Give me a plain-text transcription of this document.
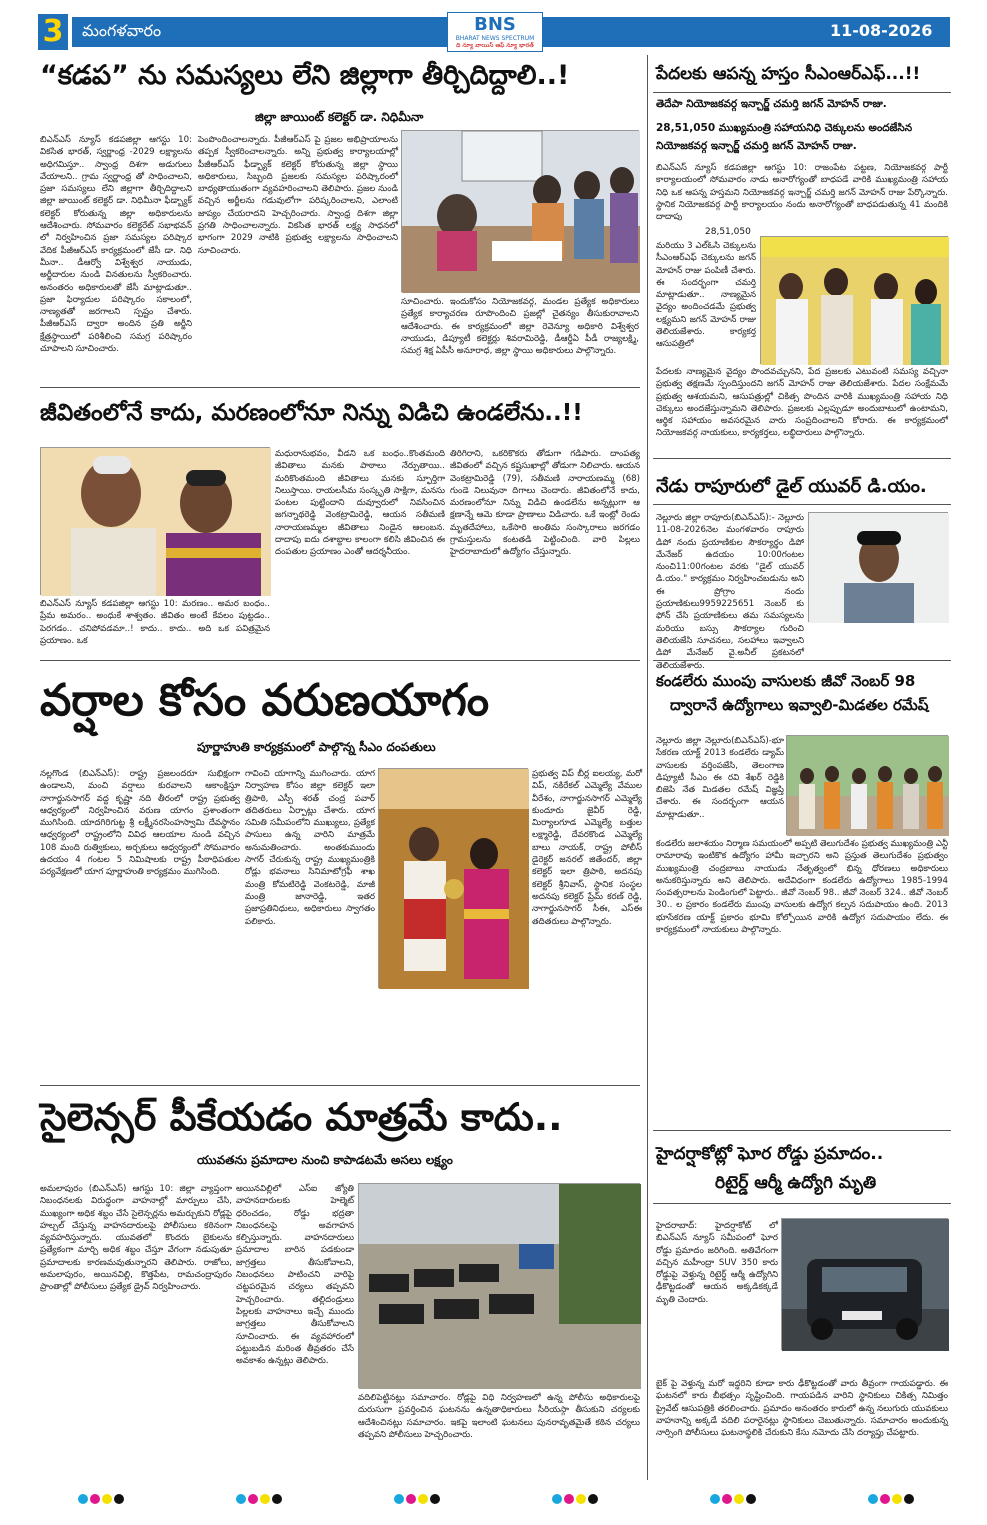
3 మంగళవారం	BNS
BHARAT NEWS SPECTRUM
ది న్యూ వాయిస్ ఆఫ్ న్యూ భారత్
11-08-2026
“కడప” ను సమస్యలు లేని జిల్లాగా తీర్చిదిద్దాలి..!
జిల్లా జాయింట్ కలెక్టర్ డా. నిధిమీనా
బిఎన్ఎస్ న్యూస్ కడపజిల్లా ఆగస్టు 10: వికసిత భారత్, స్వర్ణాంధ్ర -2029 లక్ష్యాలను అధిగమిస్తూ.. స్వాంధ్ర దిశగా అడుగులు వేయాలని.. గ్రామ స్వర్ణాంధ్ర తో సాధించాలని, ప్రజా సమస్యలు లేని జిల్లాగా తీర్చిదిద్దాలని జిల్లా జాయింట్ కలెక్టర్ డా. నిధిమీనా ఫీడ్బ్యాక్ కలెక్టర్ కోరుతున్న జిల్లా అధికారులను ఆదేశించారు. సోమవారం కలెక్టరేట్ సభాభవన్ లో నిర్వహించిన ప్రజా సమస్యల పరిష్కార వేదిక పీజీఆర్ఎస్ కార్యక్రమంలో జేసీ డా. నిధి మీనా.. డీఆర్వో విశ్వేశ్వర నాయుడు, అర్జీదారుల నుండి వినతులను స్వీకరించారు. అనంతరం అధికారులతో జేసీ మాట్లాడుతూ.. ప్రజా ఫిర్యాదుల పరిష్కారం సకాలంలో, నాణ్యతతో జరగాలని స్పష్టం చేశారు. పీజీఆర్ఎస్ ద్వారా అందిన ప్రతి అర్జీని క్షేత్రస్థాయిలో పరిశీలించి సమగ్ర పరిష్కారం చూపాలని సూచించారు.
పెంపొందించాలన్నారు. పీజీఆర్ఎస్ పై ప్రజల అభిప్రాయాలను తప్పక స్వీకరించాలన్నారు. అన్ని ప్రభుత్వ కార్యాలయాల్లో పీజీఆర్ఎస్ ఫీడ్బ్యాక్ కలెక్టర్ కోరుతున్న జిల్లా స్థాయి అధికారులు, సిబ్బంది ప్రజలకు సమస్యల పరిష్కారంలో బాధ్యతాయుతంగా వ్యవహరించాలని తెలిపారు. ప్రజల నుండి వచ్చిన అర్జీలను గడువులోగా పరిష్కరించాలని, ఎలాంటి జాప్యం చేయరాదని హెచ్చరించారు. స్వాంధ్ర దిశగా జిల్లా ప్రగతి సాధించాలన్నారు. వికసిత భారత్ లక్ష్య సాధనలో భాగంగా 2029 నాటికి ప్రభుత్వ లక్ష్యాలను సాధించాలని సూచించారు.
సూచించారు. ఇందుకోసం నియోజకవర్గ, మండల ప్రత్యేక అధికారులు ప్రత్యేక కార్యాచరణ రూపొందించి ప్రజల్లో చైతన్యం తీసుకురావాలని ఆదేశించారు. ఈ కార్యక్రమంలో జిల్లా రెవెన్యూ అధికారి విశ్వేశ్వర నాయుడు, డిప్యూటీ కలెక్టర్లు శివరామిరెడ్డి, డీఆర్డీఏ పీడీ రాజ్యలక్ష్మి, సమగ్ర శిక్ష ఏపీసీ అనూరాధ, జిల్లా స్థాయి అధికారులు పాల్గొన్నారు.
జీవితంలోనే కాదు, మరణంలోనూ నిన్ను విడిచి ఉండలేను..!!
బిఎన్ఎస్ న్యూస్ కడపజిల్లా ఆగస్టు 10: మరణం.. అమర బంధం.. ప్రేమ అమరం.. అంధుకే శాశ్వతం. జీవితం అంటే కేవలం పుట్టడం.. పెరగడం.. చనిపోవడమా..! కాదు.. కాదు.. అది ఒక పవిత్రమైన ప్రయాణం. ఒక
మధురానుభవం, వీడని ఒక బంధం..కొంతమంది జీవితాలు మనకు పాఠాలు నేర్పుతాయి.. మరికొంతమంది జీవితాలు మనకు స్ఫూర్తిగా నిలుస్తాయి. రాయలసీమ సంస్కృతి సాక్షిగా, మనసు పంటల పుట్టిందాని దువ్వూరులో నివసించిన జగన్నాథరెడ్డి వెంకట్రామిరెడ్డి, ఆయన సతీమణి నారాయణమ్మల జీవితాలు నిండైన ఆలంబన. దాదాపు ఐదు దశాబ్దాల కాలంగా కలిసి జీవించిన ఈ దంపతుల ప్రయాణం ఎంతో ఆదర్శనీయం.
తిరిగిరాని, ఒకరికొకరు తోడుగా గడిపారు. దాంపత్య జీవితంలో వచ్చిన కష్టసుఖాల్లో తోడుగా నిలిచారు. ఆయన వెంకట్రామిరెడ్డి (79), సతీమణి నారాయణమ్మ (68) గుండె నిలువునా దిగాలు చెందారు. జీవితంలోనే కాదు, మరణంలోనూ నిన్ను విడిచి ఉండలేను అన్నట్లుగా ఆ క్షణాన్నే ఆమె కూడా ప్రాణాలు విడిచారు. ఒకే ఇంట్లో రెండు మృతదేహాలు, ఒకేసారి అంతిమ సంస్కారాలు జరగడం గ్రామస్తులను కంటతడి పెట్టించింది. వారి పిల్లలు హైదరాబాదులో ఉద్యోగం చేస్తున్నారు.
వర్షాల కోసం వరుణయాగం
పూర్ణాహుతి కార్యక్రమంలో పాల్గొన్న సీఎం దంపతులు
నల్లగొండ (బిఎన్ఎస్): రాష్ట్ర ప్రజలందరూ సుభిక్షంగా ఉండాలని, మంచి వర్షాలు కురవాలని ఆకాంక్షిస్తూ నాగార్జునసాగర్ వద్ద కృష్ణా నది తీరంలో రాష్ట్ర ప్రభుత్వ ఆధ్వర్యంలో నిర్వహించిన వరుణ యాగం ప్రశాంతంగా ముగిసింది. యాదగిరిగుట్ట శ్రీ లక్ష్మీనరసింహస్వామి దేవస్థానం ఆధ్వర్యంలో రాష్ట్రంలోని వివిధ ఆలయాల నుండి వచ్చిన 108 మంది రుత్వికులు, అర్చకులు ఆధ్వర్యంలో సోమవారం ఉదయం 4 గంటల 5 నిమిషాలకు రాష్ట్ర పీఠాధిపతుల పర్యవేక్షణలో యాగ పూర్ణాహుతి కార్యక్రమం ముగిసింది.
గావించి యాగాన్ని ముగించారు. యాగ నిర్వాహణ కోసం జిల్లా కలెక్టర్ ఇలా త్రిపాఠి, ఎస్పీ శరత్ చంద్ర పవార్ తదితరులు ఏర్పాట్లు చేశారు. యాగ సమితి సమీపంలోని ముఖ్యులు, ప్రత్యేక పాసులు ఉన్న వారిని మాత్రమే అనుమతించారు. అంతకుముందు సాగర్ చేరుకున్న రాష్ట్ర ముఖ్యమంత్రికి రోడ్లు భవనాలు సినిమాటోగ్రఫీ శాఖ మంత్రి కోమటిరెడ్డి వెంకటరెడ్డి, మాజీ మంత్రి జానారెడ్డి, ఇతర ప్రజాప్రతినిధులు, అధికారులు స్వాగతం పలికారు.
ప్రభుత్వ విప్ బీర్ల ఐలయ్య, మరో విప్, నకిరేకల్ ఎమ్మెల్యే వేముల వీరేశం, నాగార్జునసాగర్ ఎమ్మెల్యే కుందూరు జైవీర్ రెడ్డి, మిర్యాలగూడ ఎమ్మెల్యే బత్తుల లక్ష్మారెడ్డి, దేవరకొండ ఎమ్మెల్యే బాలు నాయక్, రాష్ట్ర పోలీస్ డైరెక్టర్ జనరల్ జితేందర్, జిల్లా కలెక్టర్ ఇలా త్రిపాఠి, అదనపు కలెక్టర్ శ్రీనివాస్, స్థానిక సంస్థల అదనపు కలెక్టర్ ప్రేమ్ కరణ్ రెడ్డి, నాగార్జునసాగర్ సీఈ, ఎస్ఈ తదితరులు పాల్గొన్నారు.
సైలెన్సర్ పీకేయడం మాత్రమే కాదు..
యువతను ప్రమాదాల నుంచి కాపాడటమే అసలు లక్ష్యం
అమలాపురం (బిఎన్ఎస్) ఆగస్టు 10: జిల్లా వ్యాప్తంగా నిబంధనలకు విరుద్ధంగా వాహనాల్లో మార్పులు చేసి, ముఖ్యంగా అధిక శబ్దం చేసే సైలెన్సర్లను అమర్చుకుని రోడ్లపై హల్చల్ చేస్తున్న వాహనదారులపై పోలీసులు కఠినంగా వ్యవహరిస్తున్నారు. యువతలో కొందరు బైకులను ప్రత్యేకంగా మార్చి అధిక శబ్దం చేస్తూ వేగంగా నడుపుతూ ప్రమాదాలకు కారణమవుతున్నారని తెలిపారు. రాజోలు, అమలాపురం, అయినవిల్లి, కొత్తపేట, రామచంద్రాపురం ప్రాంతాల్లో పోలీసులు ప్రత్యేక డ్రైవ్ నిర్వహించారు.
అయినవిల్లిలో ఎస్ఐ జ్యోతి వాహనదారులకు హెల్మెట్ ధరించడం, రోడ్డు భద్రతా నిబంధనలపై అవగాహన కల్పిస్తున్నారు. వాహనదారులు ప్రమాదాల బారిన పడకుండా జాగ్రత్తలు తీసుకోవాలని, నిబంధనలు పాటించని వారిపై చట్టపరమైన చర్యలు తప్పవని హెచ్చరించారు. తల్లిదండ్రులు పిల్లలకు వాహనాలు ఇచ్చే ముందు జాగ్రత్తలు తీసుకోవాలని సూచించారు. ఈ వ్యవహారంలో పట్టుబడిన మరింత తీవ్రతరం చేసే అవకాశం ఉన్నట్లు తెలిపారు.
వదిలిపెట్టినట్లు సమాచారం. రోడ్లపై విధి నిర్వహణలో ఉన్న పోలీసు అధికారులపై దురుసుగా ప్రవర్తించిన ఘటనను ఉన్నతాధికారులు సీరియస్గా తీసుకుని చర్యలకు ఆదేశించినట్లు సమాచారం. ఇకపై ఇలాంటి ఘటనలు పునరావృతమైతే కఠిన చర్యలు తప్పవని పోలీసులు హెచ్చరించారు.
పేదలకు ఆపన్న హస్తం సీఎంఆర్ఎఫ్...!!
తెదేపా నియోజకవర్గ ఇన్చార్జ్ చమర్తి జగన్ మోహన్ రాజు.
28,51,050 ముఖ్యమంత్రి సహాయనిధి చెక్కులను అందజేసిన నియోజకవర్గ ఇన్చార్జ్ చమర్తి జగన్ మోహన్ రాజు.
బిఎన్ఎస్ న్యూస్ కడపజిల్లా ఆగస్టు 10: రాజంపేట పట్టణ, నియోజకవర్గ పార్టీ కార్యాలయంలో సోమవారం నాడు అనారోగ్యంతో బాధపడే వారికి ముఖ్యమంత్రి సహాయ నిధి ఒక ఆపన్న హస్తమని నియోజకవర్గ ఇన్చార్జ్ చమర్తి జగన్ మోహన్ రాజు పేర్కొన్నారు. స్థానిక నియోజకవర్గ పార్టీ కార్యాలయం నందు అనారోగ్యంతో బాధపడుతున్న 41 మందికి దాదాపు
28,51,050
మరియు 3 ఎల్ఓసి చెక్కులను సీఎంఆర్ఎఫ్ చెక్కులను జగన్ మోహన్ రాజు పంపిణీ చేశారు. ఈ సందర్భంగా చమర్తి మాట్లాడుతూ.. నాణ్యమైన వైద్యం అందించడమే ప్రభుత్వ లక్ష్యమని జగన్ మోహన్ రాజు తెలియజేశారు. కార్యకర్త ఆసుపత్రిలో
పేదలకు నాణ్యమైన వైద్యం పొందవచ్చునని, పేద ప్రజలకు ఎటువంటి సమస్య వచ్చినా ప్రభుత్వ తక్షణమే స్పందిస్తుందని జగన్ మోహన్ రాజు తెలియజేశారు. పేదల సంక్షేమమే ప్రభుత్వ ఆశయమని, ఆసుపత్రుల్లో చికిత్స పొందిన వారికి ముఖ్యమంత్రి సహాయ నిధి చెక్కులు అందజేస్తున్నామని తెలిపారు. ప్రజలకు ఎల్లప్పుడూ అందుబాటులో ఉంటామని, ఆర్థిక సహాయం అవసరమైన వారు సంప్రదించాలని కోరారు. ఈ కార్యక్రమంలో నియోజకవర్గ నాయకులు, కార్యకర్తలు, లబ్ధిదారులు పాల్గొన్నారు.
నేడు రాపూరులో డైల్ యువర్ డి.యం.
నెల్లూరు జిల్లా రాపూరు(బిఎన్ఎస్):- నెల్లూరు 11-08-2026నెల మంగళవారం రాపూరు డిపో నందు ప్రయాణికుల సౌకర్యార్థం డిపో మేనేజర్ ఉదయం 10:00గంటల నుంచి11:00గంటల వరకు "డైల్ యువర్ డి.యం." కార్యక్రమం నిర్వహించబడును అని ఈ ప్రోగ్రాం నందు ప్రయాణికులు9959225651 నెంబర్ కు ఫోన్ చేసి ప్రయాణికులు తమ సమస్యలను మరియు బస్సు సౌకర్యాల గురించి తెలియజేసి సూచనలు, సలహాలు ఇవ్వాలని డిపో మేనేజర్ వై.అనీల్ ప్రకటనలో తెలియజేశారు.
కండలేరు ముంపు వాసులకు జీవో నెంబర్ 98
ద్వారానే ఉద్యోగాలు ఇవ్వాలి-మిడతల రమేష్
నెల్లూరు జిల్లా నెల్లూరు(బిఎన్ఎస్)-భూ సేకరణ యాక్ట్ 2013 కండలేరు డ్యామ్ వాసులకు వర్తింపజేసి, తెలంగాణ డిప్యూటీ సీఎం ఈ రవి శేఖర్ రెడ్డికి బిజెపి నేత మిడతల రమేష్ విజ్ఞప్తి చేశారు. ఈ సందర్భంగా ఆయన మాట్లాడుతూ..
కండలేరు జలాశయం నిర్మాణ సమయంలో అప్పటి తెలుగుదేశం ప్రభుత్వ ముఖ్యమంత్రి ఎన్టీ రామారావు ఇంటికొక ఉద్యోగం హామీ ఇచ్చారని అని ప్రస్తుత తెలుగుదేశం ప్రభుత్వం ముఖ్యమంత్రి చంద్రబాబు నాయుడు నేతృత్వంలో భిన్న ధోరణలు అధికారులు అనుకరిస్తున్నారు అని తెలిపారు. అదేవిధంగా కండలేరు ఉద్యోగాలు 1985-1994 సంవత్సరాలను పెండింగులో పెట్టారు.. జీవో నెంబర్ 98.. జీవో నెంబర్ 324.. జీవో నెంబర్ 30.. ల ప్రకారం కండలేరు ముంపు వాసులకు ఉద్యోగ కల్పన సదుపాయం ఉంది. 2013 భూసేకరణ యాక్ట్ ప్రకారం భూమి కోల్పోయిన వారికి ఉద్యోగ సదుపాయం లేదు. ఈ కార్యక్రమంలో నాయకులు పాల్గొన్నారు.
హైదర్షాకోట్లో ఘోర రోడ్డు ప్రమాదం..
రిటైర్డ్ ఆర్మీ ఉద్యోగి మృతి
హైదరాబాద్: హైదర్షాకోట్ లో బిఎన్ఎస్ న్యూస్ సమీపంలో ఘోర రోడ్డు ప్రమాదం జరిగింది. అతివేగంగా వచ్చిన మహీంద్రా SUV 350 కారు రోడ్డుపై వెళ్తున్న రిటైర్డ్ ఆర్మీ ఉద్యోగిని ఢీకొట్టడంతో ఆయన అక్కడికక్కడే మృతి చెందారు.
బైక్ పై వెళ్తున్న మరో ఇద్దరిని కూడా కారు ఢీకొట్టడంతో వారు తీవ్రంగా గాయపడ్డారు. ఈ ఘటనలో కారు బీభత్సం సృష్టించింది. గాయపడిన వారిని స్థానికులు చికిత్స నిమిత్తం ప్రైవేట్ ఆసుపత్రికి తరలించారు. ప్రమాదం అనంతరం కారులో ఉన్న నలుగురు యువకులు వాహనాన్ని అక్కడే వదిలి పరారైనట్లు స్థానికులు చెబుతున్నారు. సమాచారం అందుకున్న నార్సింగి పోలీసులు ఘటనాస్థలికి చేరుకుని కేసు నమోదు చేసి దర్యాప్తు చేపట్టారు.
